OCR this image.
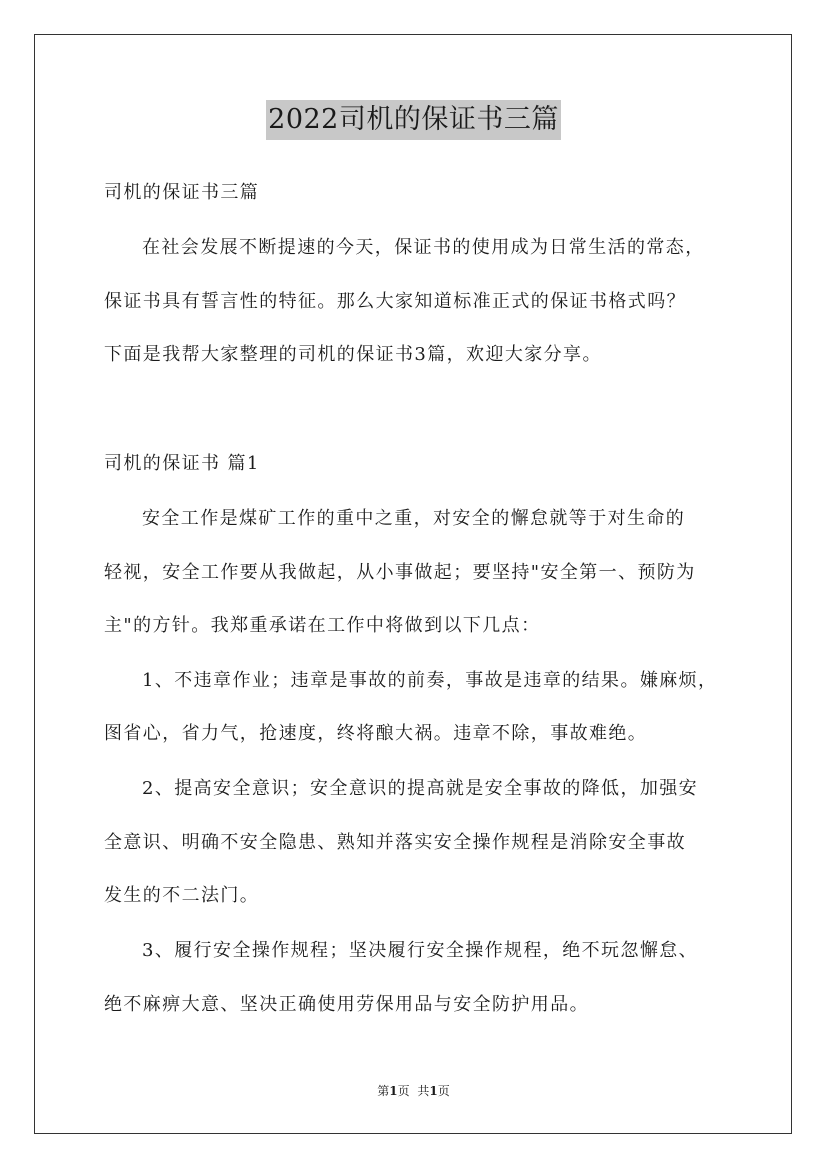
2022司机的保证书三篇
司机的保证书三篇
在社会发展不断提速的今天，保证书的使用成为日常生活的常态，
保证书具有誓言性的特征。那么大家知道标准正式的保证书格式吗？
下面是我帮大家整理的司机的保证书3篇，欢迎大家分享。
司机的保证书 篇1
安全工作是煤矿工作的重中之重，对安全的懈怠就等于对生命的
轻视，安全工作要从我做起，从小事做起；要坚持"安全第一、预防为
主"的方针。我郑重承诺在工作中将做到以下几点：
1、不违章作业；违章是事故的前奏，事故是违章的结果。嫌麻烦，
图省心，省力气，抢速度，终将酿大祸。违章不除，事故难绝。
2、提高安全意识；安全意识的提高就是安全事故的降低，加强安
全意识、明确不安全隐患、熟知并落实安全操作规程是消除安全事故
发生的不二法门。
3、履行安全操作规程；坚决履行安全操作规程，绝不玩忽懈怠、
绝不麻痹大意、坚决正确使用劳保用品与安全防护用品。
第1页 共1页
